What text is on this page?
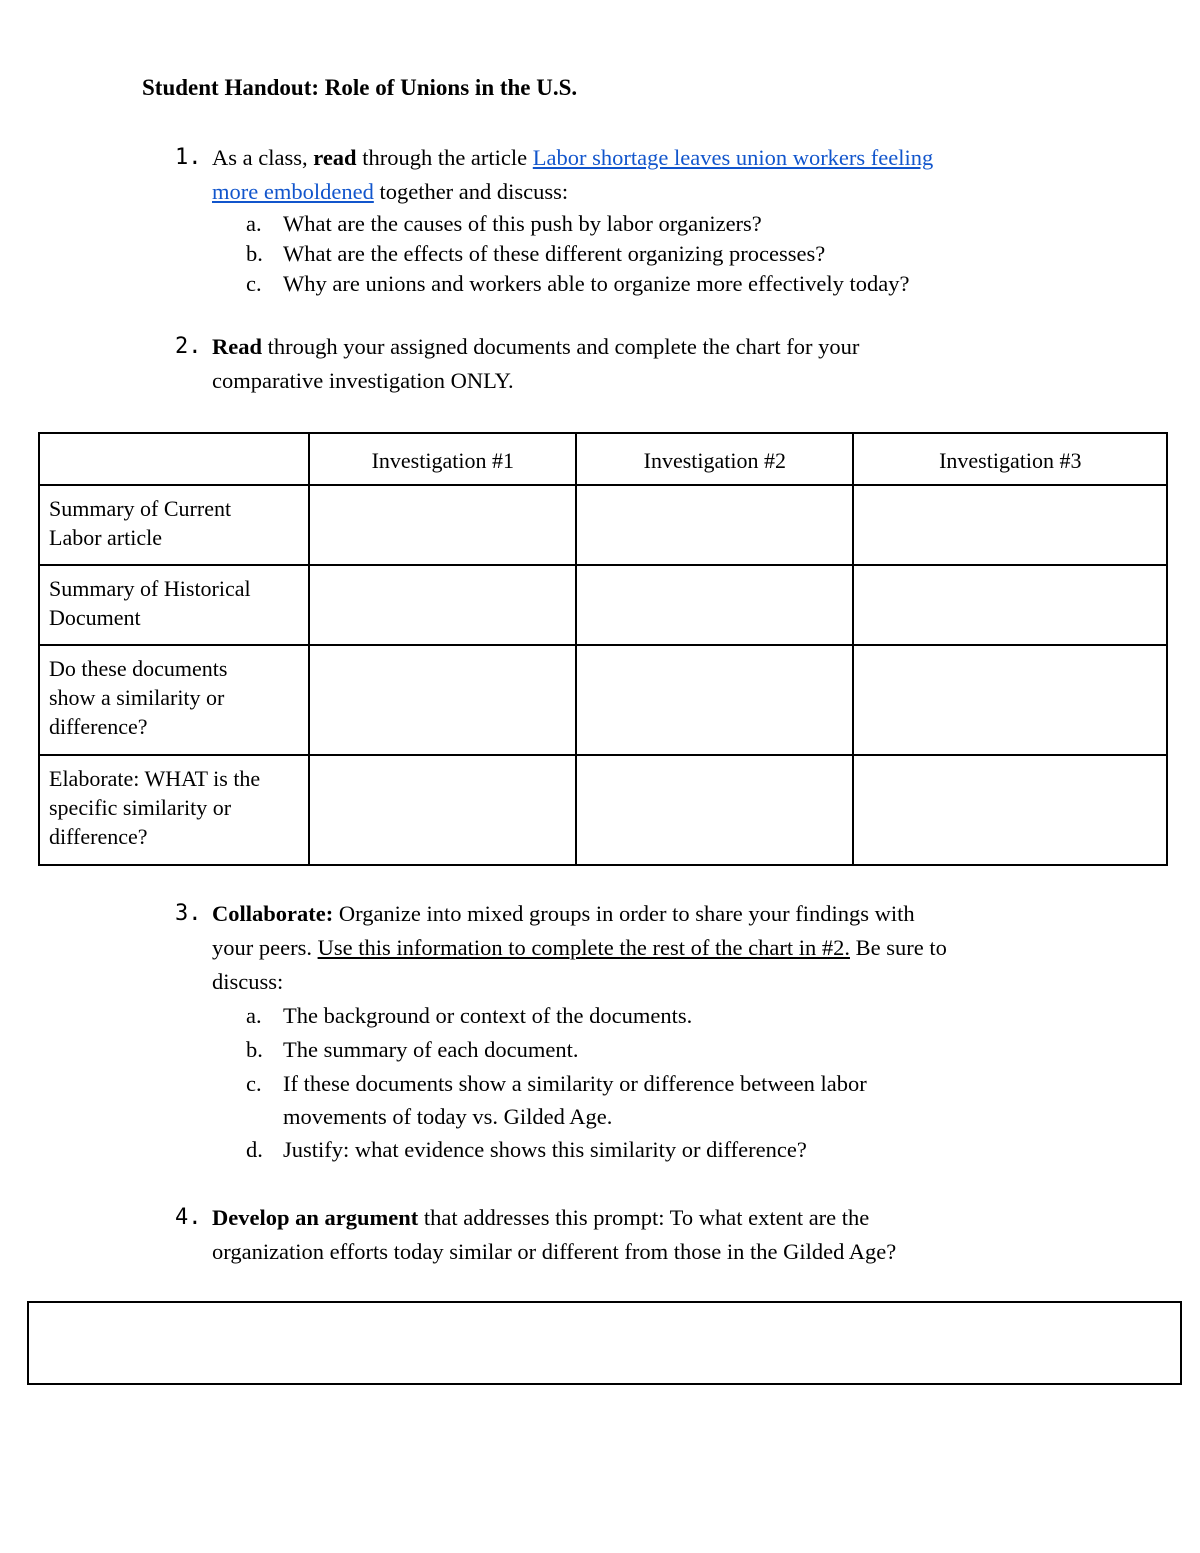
Student Handout: Role of Unions in the U.S.
1. As a class, read through the article Labor shortage leaves union workers feeling
more emboldened together and discuss:
a. What are the causes of this push by labor organizers?
b. What are the effects of these different organizing processes?
c. Why are unions and workers able to organize more effectively today?
2. Read through your assigned documents and complete the chart for your
comparative investigation ONLY.
	Investigation #1	Investigation #2	Investigation #3

Summary of Current
Labor article			

Summary of Historical
Document			

Do these documents
show a similarity or
difference?			

Elaborate: WHAT is the
specific similarity or
difference?			

3. Collaborate: Organize into mixed groups in order to share your findings with
your peers. Use this information to complete the rest of the chart in #2. Be sure to
discuss:
a. The background or context of the documents.
b. The summary of each document.
c. If these documents show a similarity or difference between labor
movements of today vs. Gilded Age.
d. Justify: what evidence shows this similarity or difference?
4. Develop an argument that addresses this prompt: To what extent are the
organization efforts today similar or different from those in the Gilded Age?
